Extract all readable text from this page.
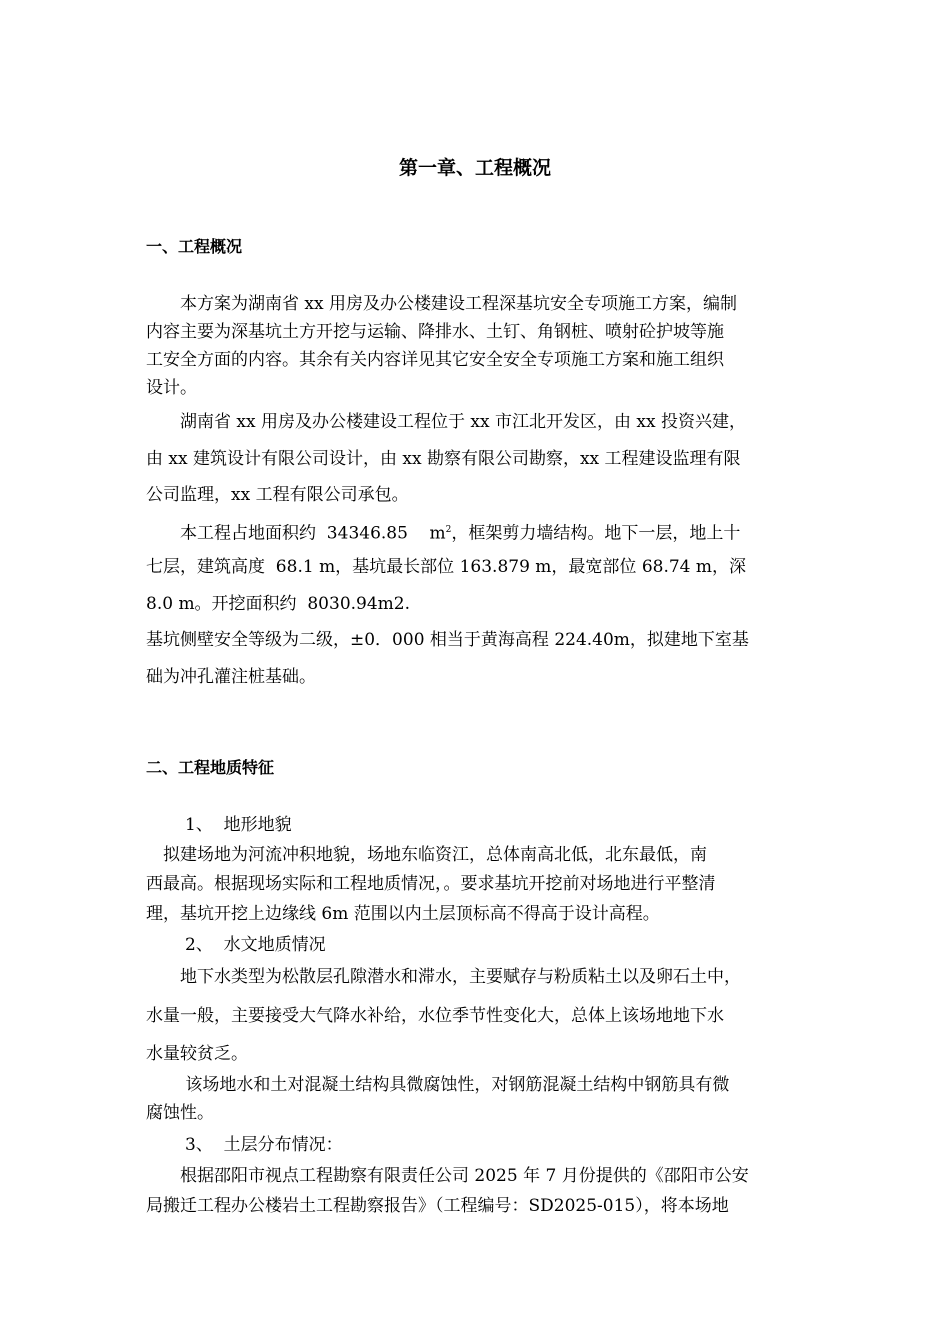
第一章、工程概况
一、工程概况
　　本方案为湖南省 xx 用房及办公楼建设工程深基坑安全专项施工方案，编制
内容主要为深基坑土方开挖与运输、降排水、土钉、角钢桩、喷射砼护坡等施
工安全方面的内容。其余有关内容详见其它安全安全专项施工方案和施工组织
设计。
　　湖南省 xx 用房及办公楼建设工程位于 xx 市江北开发区，由 xx 投资兴建，
由 xx 建筑设计有限公司设计，由 xx 勘察有限公司勘察，xx 工程建设监理有限
公司监理，xx 工程有限公司承包。
　　本工程占地面积约  34346.85    $m^2$，框架剪力墙结构。地下一层，地上十
七层，建筑高度  68.1 m，基坑最长部位 163.879 m，最宽部位 68.74 m，深
8.0 m。开挖面积约  8030.94m2.
基坑侧壁安全等级为二级，±0．000 相当于黄海高程 224.40m，拟建地下室基
础为冲孔灌注桩基础。
二、工程地质特征
　1、  地形地貌
　拟建场地为河流冲积地貌，场地东临资江，总体南高北低，北东最低，南
西最高。根据现场实际和工程地质情况，。要求基坑开挖前对场地进行平整清
理，基坑开挖上边缘线 6m 范围以内土层顶标高不得高于设计高程。
　2、  水文地质情况
　　地下水类型为松散层孔隙潜水和滞水，主要赋存与粉质粘土以及卵石土中，
水量一般，主要接受大气降水补给，水位季节性变化大，总体上该场地地下水
水量较贫乏。
　　 该场地水和土对混凝土结构具微腐蚀性，对钢筋混凝土结构中钢筋具有微
腐蚀性。
　3、  土层分布情况：
　　根据邵阳市视点工程勘察有限责任公司 2025 年 7 月份提供的《邵阳市公安
局搬迁工程办公楼岩土工程勘察报告》（工程编号：SD2025-015），将本场地
